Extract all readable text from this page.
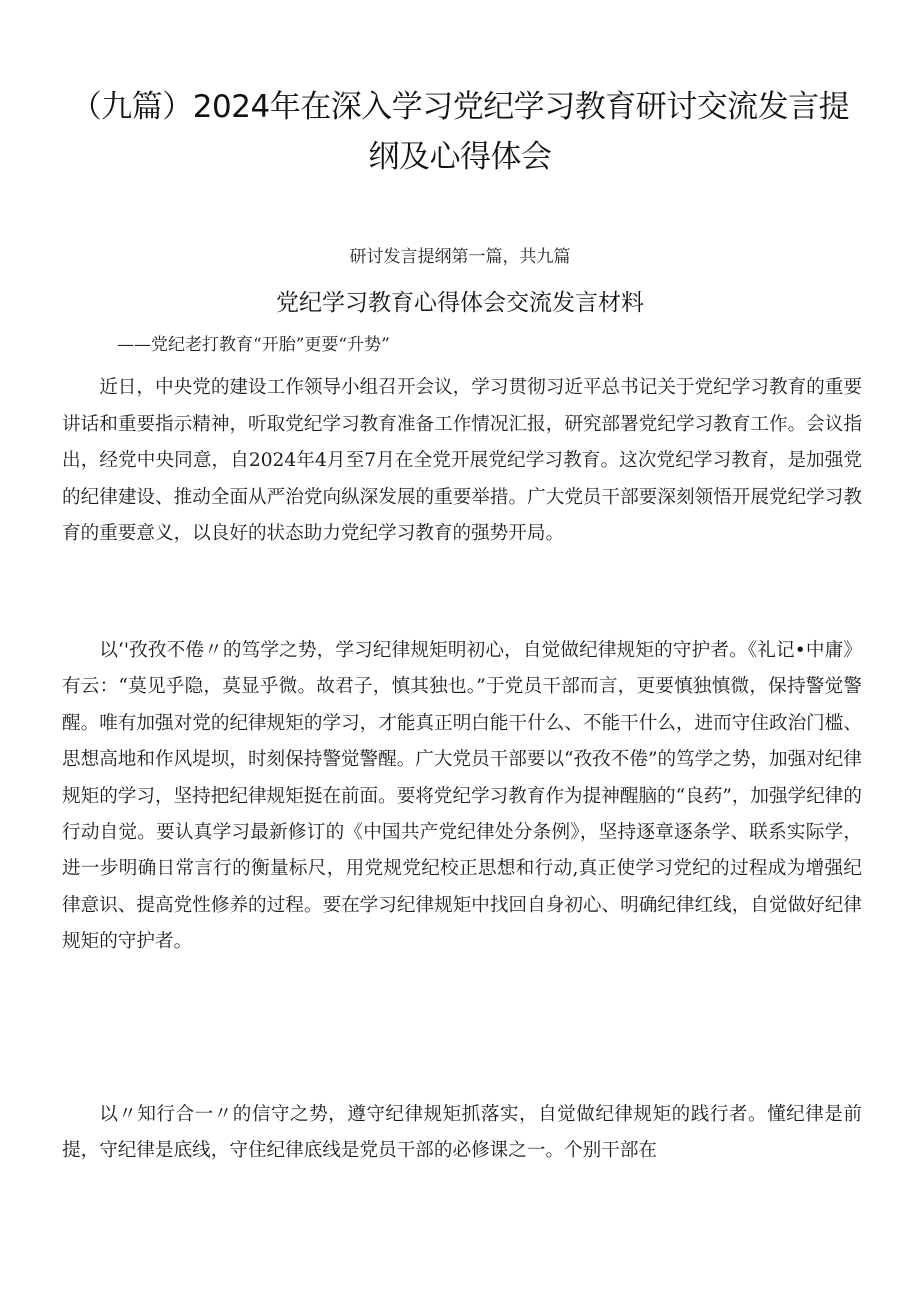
（九篇）2024年在深入学习党纪学习教育研讨交流发言提纲及心得体会
研讨发言提纲第一篇，共九篇
党纪学习教育心得体会交流发言材料
——党纪老打教育“开胎”更要“升势”

近日，中央党的建设工作领导小组召开会议，学习贯彻习近平总书记关于党纪学习教育的重要讲话和重要指示精神，听取党纪学习教育准备工作情况汇报，研究部署党纪学习教育工作。会议指出，经党中央同意，自2024年4月至7月在全党开展党纪学习教育。这次党纪学习教育，是加强党的纪律建设、推动全面从严治党向纵深发展的重要举措。广大党员干部要深刻领悟开展党纪学习教育的重要意义，以良好的状态助力党纪学习教育的强势开局。

以‘'孜孜不倦〃的笃学之势，学习纪律规矩明初心，自觉做纪律规矩的守护者。《礼记•中庸》有云：“莫见乎隐，莫显乎微。故君子，慎其独也。”于党员干部而言，更要慎独慎微，保持警觉警醒。唯有加强对党的纪律规矩的学习，才能真正明白能干什么、不能干什么，进而守住政治门槛、思想高地和作风堤坝，时刻保持警觉警醒。广大党员干部要以“孜孜不倦”的笃学之势，加强对纪律规矩的学习，坚持把纪律规矩挺在前面。要将党纪学习教育作为提神醒脑的“良药”，加强学纪律的行动自觉。要认真学习最新修订的《中国共产党纪律处分条例》，坚持逐章逐条学、联系实际学，进一步明确日常言行的衡量标尺，用党规党纪校正思想和行动,真正使学习党纪的过程成为增强纪律意识、提高党性修养的过程。要在学习纪律规矩中找回自身初心、明确纪律红线，自觉做好纪律规矩的守护者。

以〃知行合一〃的信守之势，遵守纪律规矩抓落实，自觉做纪律规矩的践行者。懂纪律是前提，守纪律是底线，守住纪律底线是党员干部的必修课之一。个别干部在
